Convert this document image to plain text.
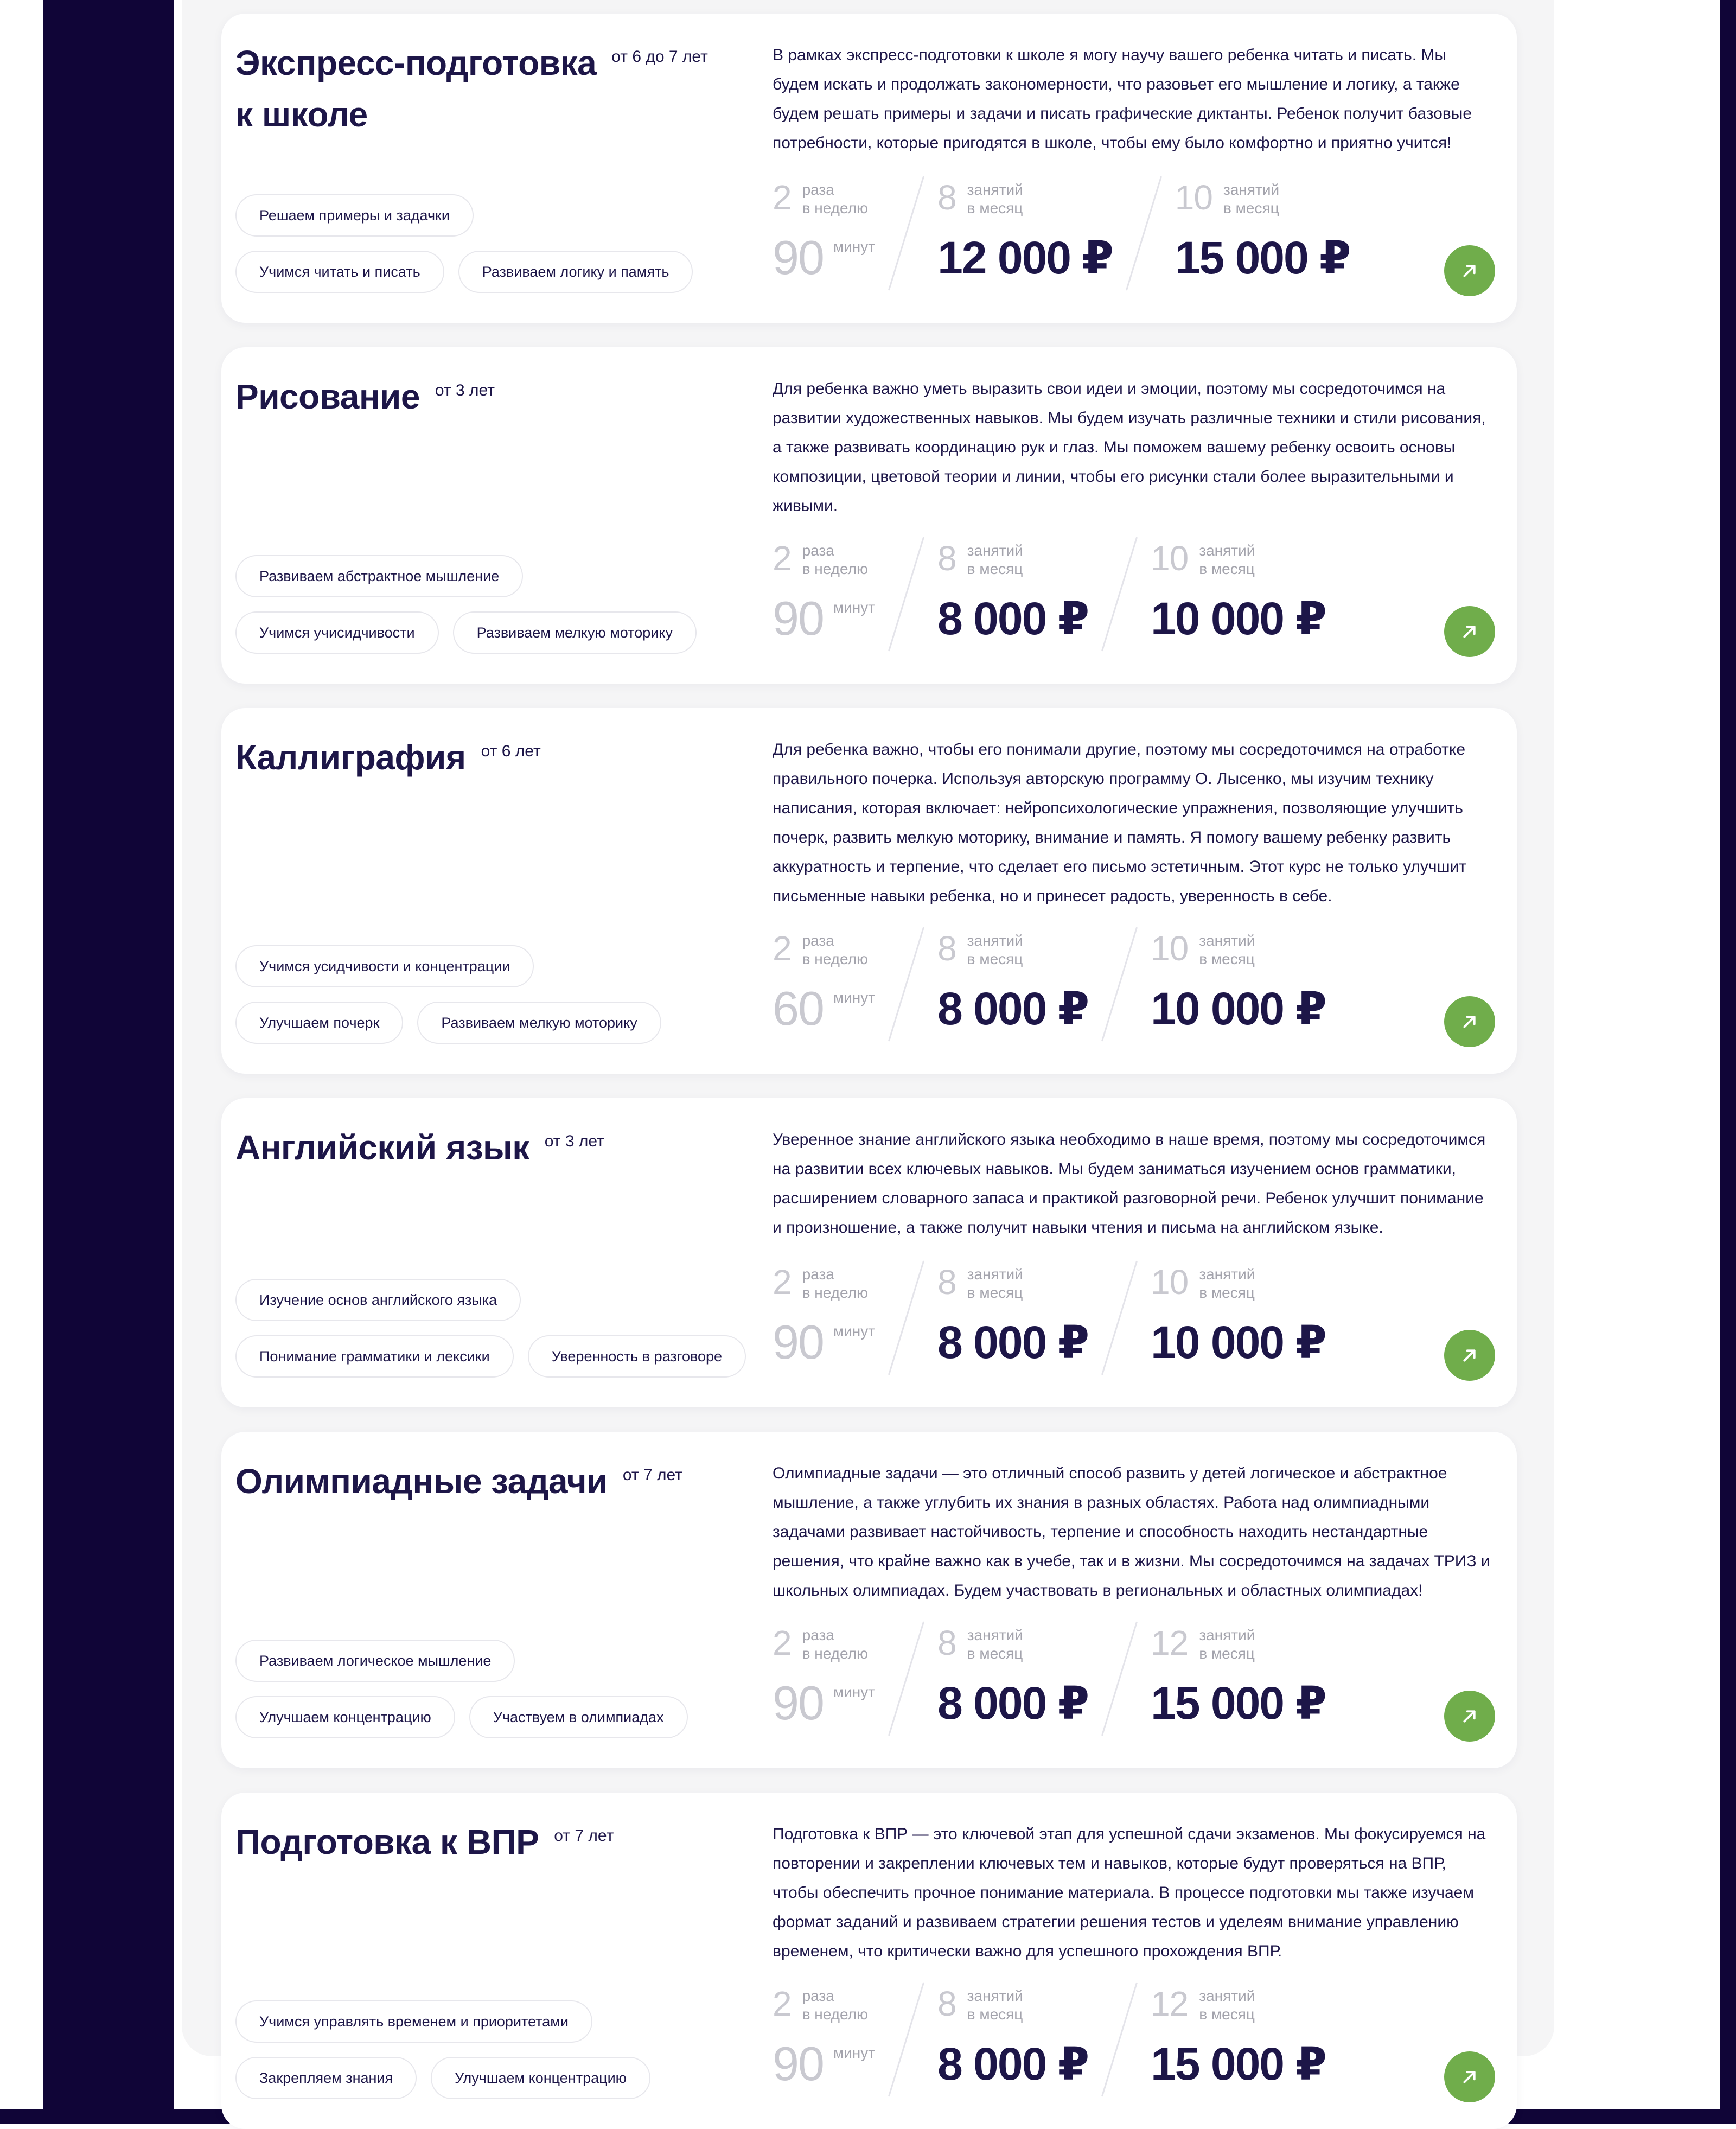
Экспресс-подготовка от 6 до 7 лет
к школе
Решаем примеры и задачки
Учимся читать и писать	Развиваем логику и память
В рамках экспресс-подготовки к школе я могу научу вашего ребенка читать и писать. Мы будем искать и продолжать закономерности, что разовьет его мышление и логику, а также будем решать примеры и задачи и писать графические диктанты. Ребенок получит базовые потребности, которые пригодятся в школе, чтобы ему было комфортно и приятно учится!
2 раза
в неделю
90 минут
8 занятий
в месяц
12 000 ₽
10 занятий
в месяц
15 000 ₽
Рисование от 3 лет
Развиваем абстрактное мышление
Учимся учисидчивости	Развиваем мелкую моторику
Для ребенка важно уметь выразить свои идеи и эмоции, поэтому мы сосредоточимся на развитии художественных навыков. Мы будем изучать различные техники и стили рисования, а также развивать координацию рук и глаз. Мы поможем вашему ребенку освоить основы композиции, цветовой теории и линии, чтобы его рисунки стали более выразительными и живыми.
2 раза
в неделю
90 минут
8 занятий
в месяц
8 000 ₽
10 занятий
в месяц
10 000 ₽
Каллиграфия от 6 лет
Учимся усидчивости и концентрации
Улучшаем почерк	Развиваем мелкую моторику
Для ребенка важно, чтобы его понимали другие, поэтому мы сосредоточимся на отработке правильного почерка. Используя авторскую программу О. Лысенко, мы изучим технику написания, которая включает: нейропсихологические упражнения, позволяющие улучшить почерк, развить мелкую моторику, внимание и память. Я помогу вашему ребенку развить аккуратность и терпение, что сделает его письмо эстетичным. Этот курс не только улучшит письменные навыки ребенка, но и принесет радость, уверенность в себе.
2 раза
в неделю
60 минут
8 занятий
в месяц
8 000 ₽
10 занятий
в месяц
10 000 ₽
Английский язык от 3 лет
Изучение основ английского языка
Понимание грамматики и лексики	Уверенность в разговоре
Уверенное знание английского языка необходимо в наше время, поэтому мы сосредоточимся на развитии всех ключевых навыков. Мы будем заниматься изучением основ грамматики, расширением словарного запаса и практикой разговорной речи. Ребенок улучшит понимание и произношение, а также получит навыки чтения и письма на английском языке.
2 раза
в неделю
90 минут
8 занятий
в месяц
8 000 ₽
10 занятий
в месяц
10 000 ₽
Олимпиадные задачи от 7 лет
Развиваем логическое мышление
Улучшаем концентрацию	Участвуем в олимпиадах
Олимпиадные задачи — это отличный способ развить у детей логическое и абстрактное мышление, а также углубить их знания в разных областях. Работа над олимпиадными задачами развивает настойчивость, терпение и способность находить нестандартные решения, что крайне важно как в учебе, так и в жизни. Мы сосредоточимся на задачах ТРИЗ и школьных олимпиадах. Будем участвовать в региональных и областных олимпиадах!
2 раза
в неделю
90 минут
8 занятий
в месяц
8 000 ₽
12 занятий
в месяц
15 000 ₽
Подготовка к ВПР от 7 лет
Учимся управлять временем и приоритетами
Закрепляем знания	Улучшаем концентрацию
Подготовка к ВПР — это ключевой этап для успешной сдачи экзаменов. Мы фокусируемся на повторении и закреплении ключевых тем и навыков, которые будут проверяться на ВПР, чтобы обеспечить прочное понимание материала. В процессе подготовки мы также изучаем формат заданий и развиваем стратегии решения тестов и уделеям внимание управлению временем, что критически важно для успешного прохождения ВПР.
2 раза
в неделю
90 минут
8 занятий
в месяц
8 000 ₽
12 занятий
в месяц
15 000 ₽
